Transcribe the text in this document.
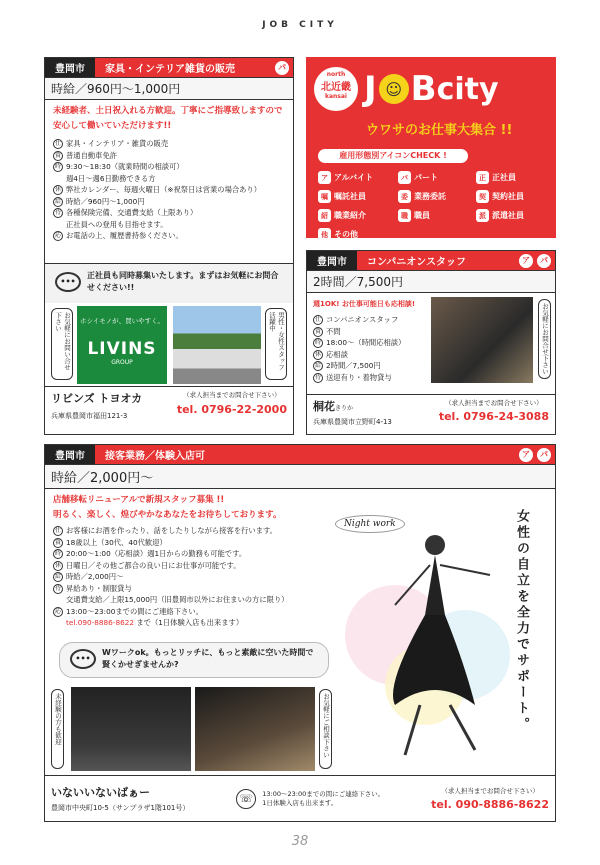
JOB CITY
豊岡市	家具・インテリア雑貨の販売	パ
時給／960円〜1,000円
未経験者、土日祝入れる方歓迎。丁寧にご指導致しますので安心して働いていただけます!!
仕 家具・インテリア・雑貨の販売
資 普通自動車免許
時 9:30〜18:30（就業時間の相談可）
週4日〜週6日勤務できる方
休 弊社カレンダー、毎週火曜日（※祝祭日は営業の場合あり）
給 時給／960円〜1,000円
待 各種保険完備、交通費支給（上限あり）
正社員への登用も目指せます。
応 お電話の上、履歴書持参ください。
•••
正社員も同時募集いたします。まずはお気軽にお問合せください!!
ホシイモノが、買いやすく。
LIVINS
GROUP
お気軽にお問い合せ下さい	男性・女性スタッフ活躍中
リビンズ トヨオカ
兵庫県豊岡市福田121-3
（求人担当までお問合せ下さい）
tel. 0796-22-2000
north
北近畿
kansai J ☺ B city
ウワサのお仕事大集合 !!
雇用形態別アイコンCHECK !
ア アルバイト	パ パート	正 正社員
嘱 嘱託社員	委 業務委託	契 契約社員
紹 職業紹介	職 職員	派 派遣社員
他 その他
豊岡市	コンパニオンスタッフ	ア	パ
2時間／7,500円
週1OK! お仕事可能日も応相談!
仕 コンパニオンスタッフ
資 不問
時 18:00〜（時間応相談）
休 応相談
給 2時間／7,500円
待 送迎有り・着物貸与
お気軽にお問合せ下さい
桐花きりか
兵庫県豊岡市立野町4-13
（求人担当までお問合せ下さい）
tel. 0796-24-3088
豊岡市	接客業務／体験入店可	ア	パ
時給／2,000円〜
店舗移転リニューアルで新規スタッフ募集 !!
明るく、楽しく、煌びやかなあなたをお待ちしております。
仕 お客様にお酒を作ったり、話をしたりしながら接客を行います。
資 18歳以上（30代、40代歓迎）
時 20:00〜1:00（応相談）週1日からの勤務も可能です。
休 日曜日／その他ご都合の良い日にお仕事が可能です。
給 時給／2,000円〜
待 昇給あり・制服貸与
交通費支給／上限15,000円（旧豊岡市以外にお住まいの方に限り）
応 13:00〜23:00までの間にご連絡下さい。
tel.090-8886-8622 まで（1日体験入店も出来ます）
•••
Wワークok。もっとリッチに、もっと素敵に空いた時間で賢くかせぎませんか?
未経験の方も歓迎	お気軽にご相談下さい
Night work	女性の自立を全力でサポート。
いないいないばぁー
豊岡市中央町10-5（サンプラザ1階101号）
☏	13:00〜23:00までの間にご連絡下さい。
1日体験入店も出来ます。
（求人担当までお問合せ下さい）
tel. 090-8886-8622
38
